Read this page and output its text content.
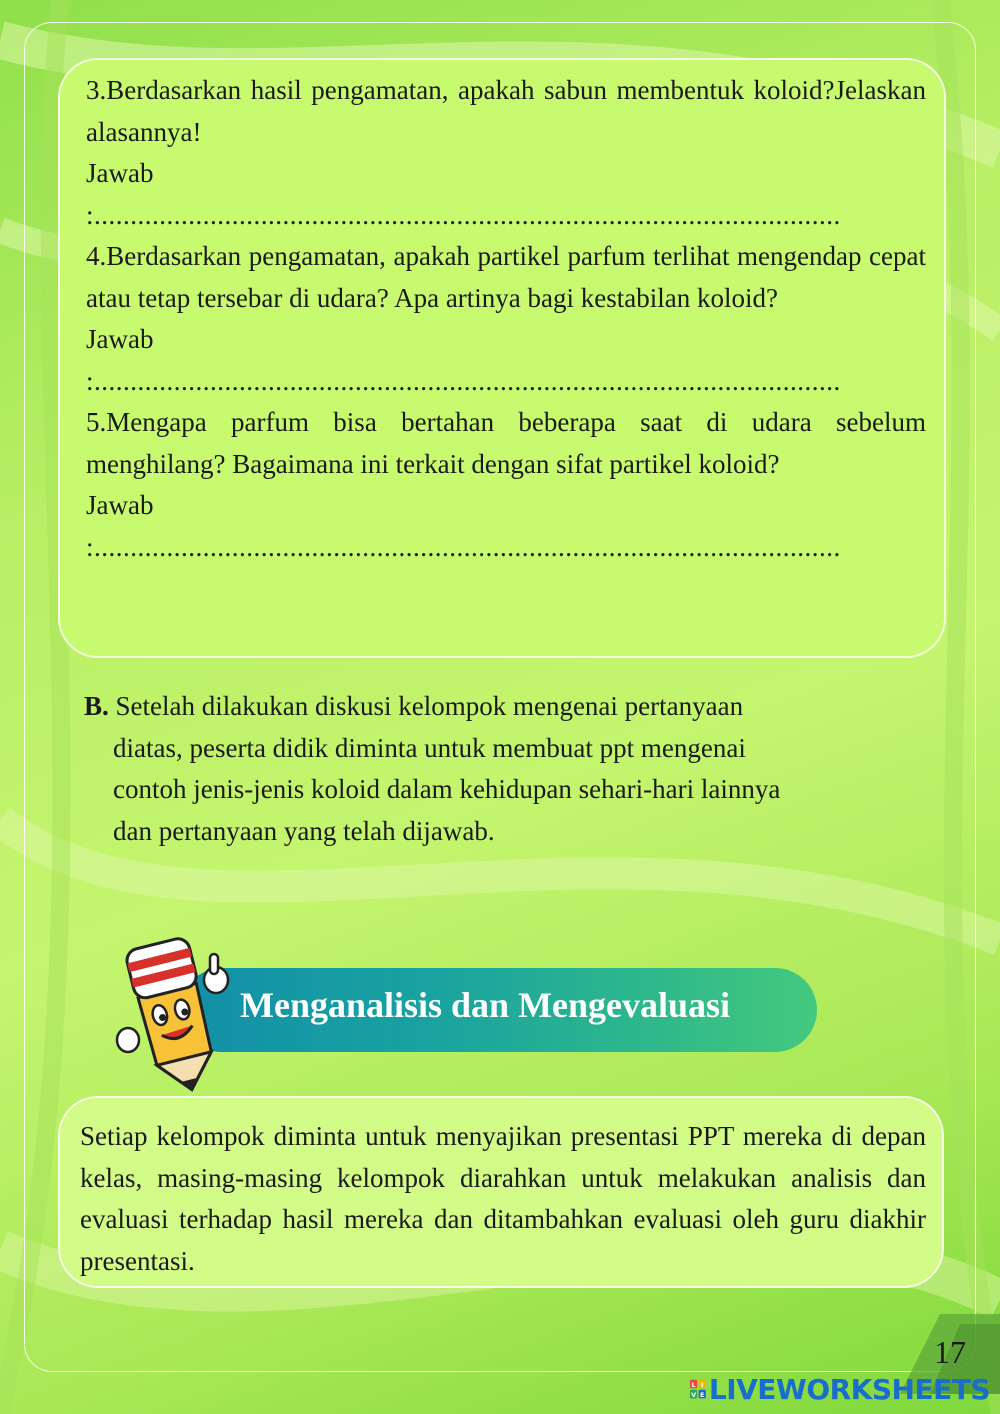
3.Berdasarkan hasil pengamatan, apakah sabun membentuk koloid?Jelaskan alasannya!

Jawab

:.......................................................................................................

4.Berdasarkan pengamatan, apakah partikel parfum terlihat mengendap cepat atau tetap tersebar di udara? Apa artinya bagi kestabilan koloid?

Jawab

:.......................................................................................................

5.Mengapa parfum bisa bertahan beberapa saat di udara sebelum menghilang? Bagaimana ini terkait dengan sifat partikel koloid?

Jawab

:.......................................................................................................

B. Setelah dilakukan diskusi kelompok mengenai pertanyaan

diatas, peserta didik diminta untuk membuat ppt mengenai

contoh jenis-jenis koloid dalam kehidupan sehari-hari lainnya

dan pertanyaan yang telah dijawab.

Menganalisis dan Mengevaluasi

Setiap kelompok diminta untuk menyajikan presentasi PPT mereka di depan kelas, masing-masing kelompok diarahkan untuk melakukan analisis dan evaluasi terhadap hasil mereka dan ditambahkan evaluasi oleh guru diakhir presentasi.

17
L I
V E LIVEWORKSHEETS
